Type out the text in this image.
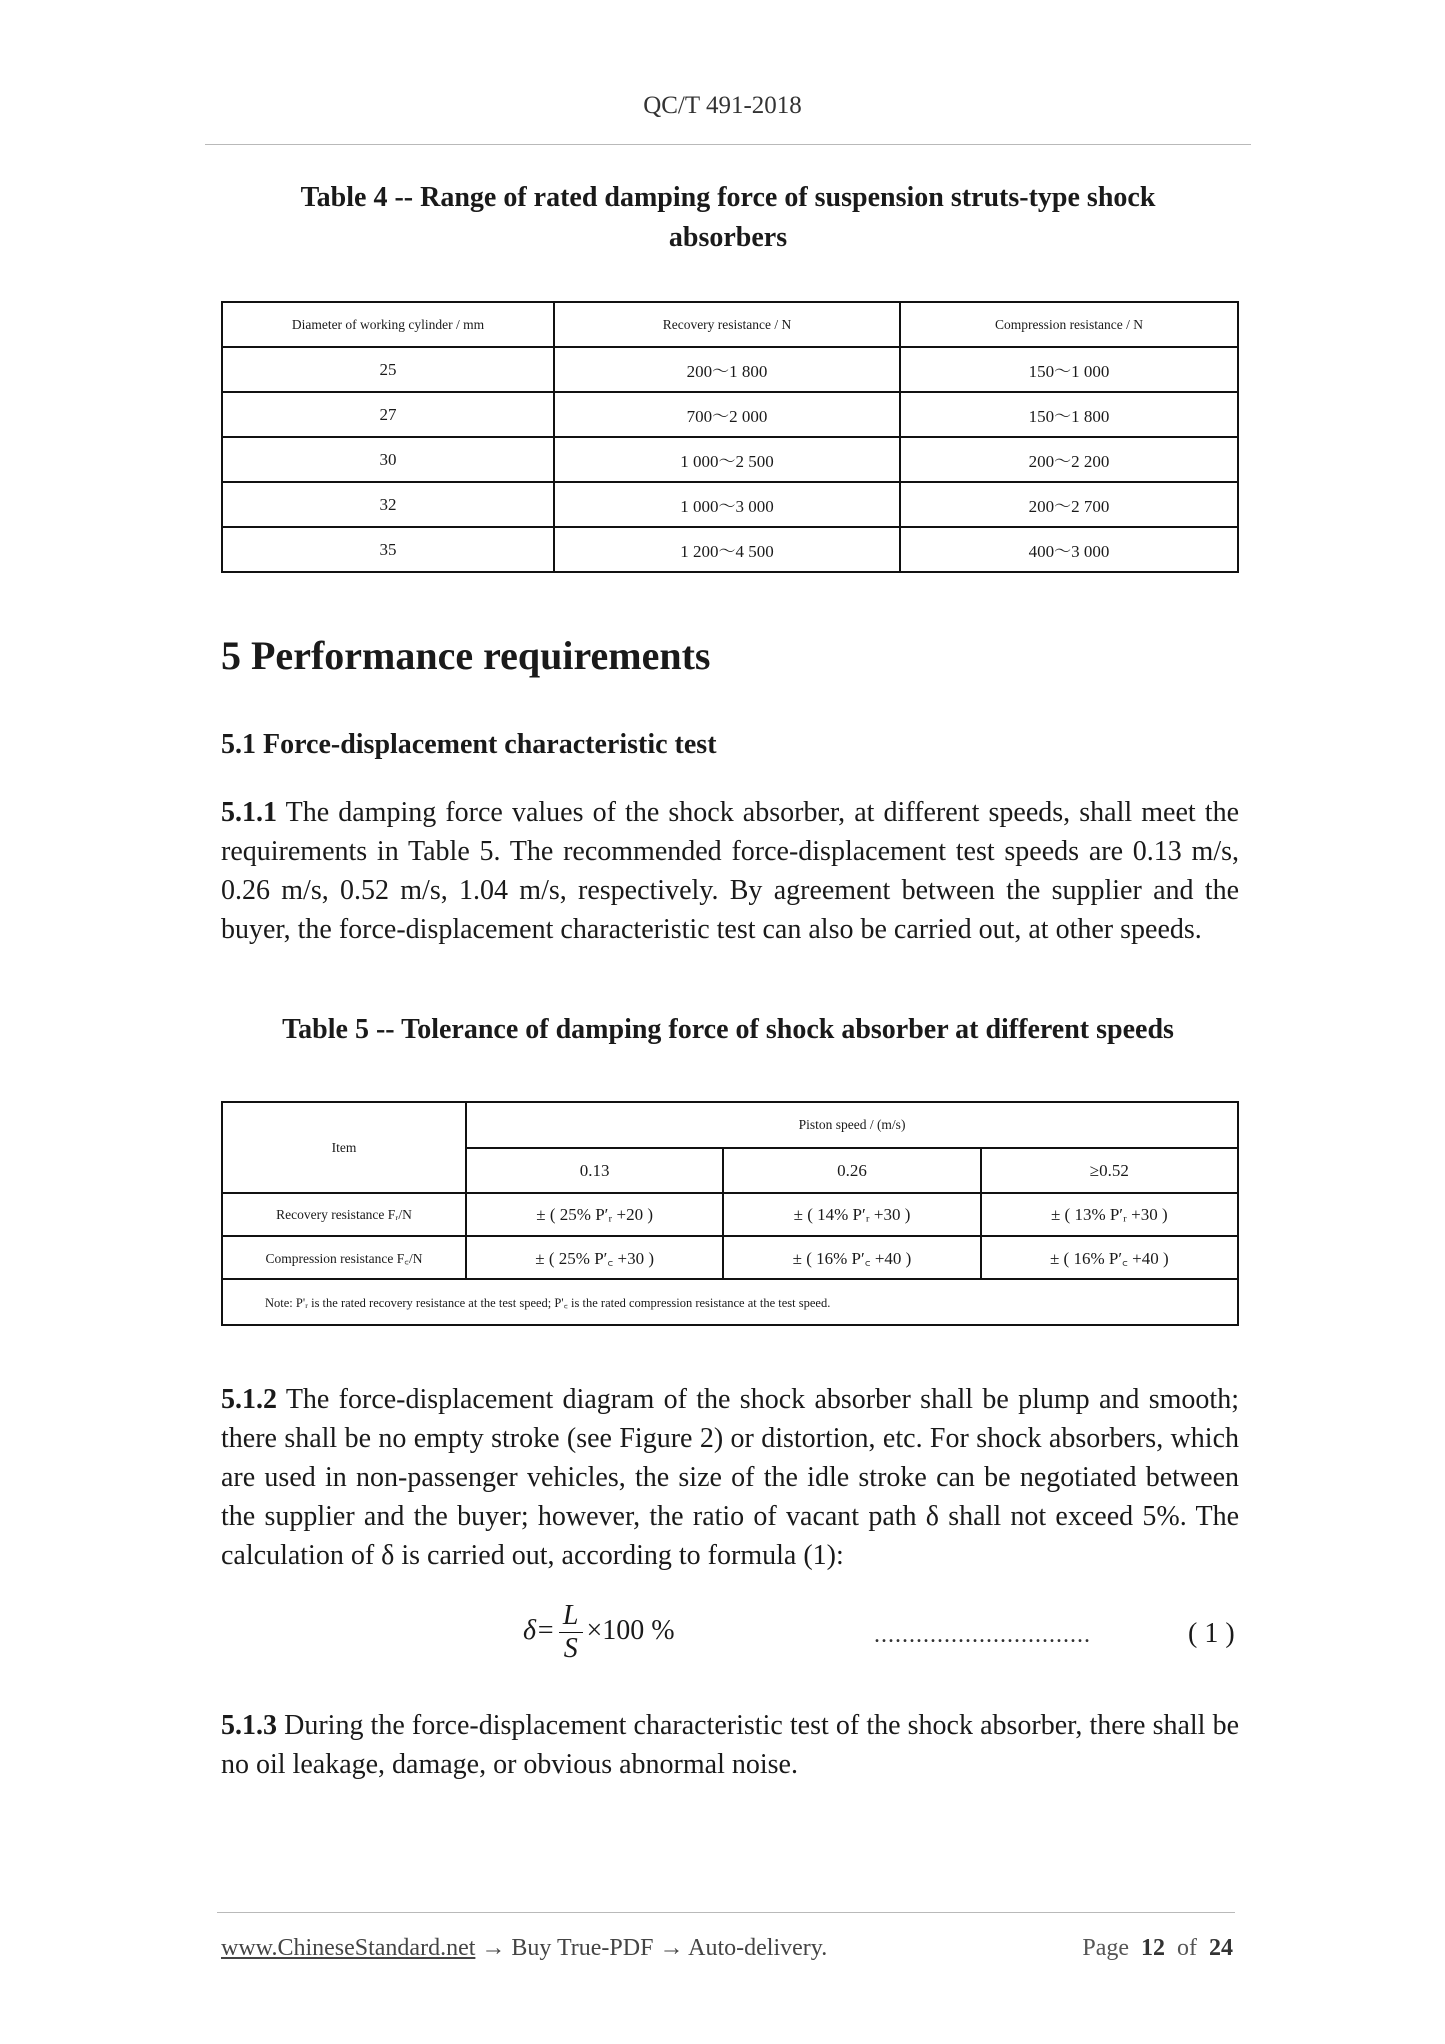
QC/T 491-2018
Table 4 -- Range of rated damping force of suspension struts-type shock
absorbers
Diameter of working cylinder / mm	Recovery resistance / N	Compression resistance / N
25	200～1 800	150～1 000
27	700～2 000	150～1 800
30	1 000～2 500	200～2 200
32	1 000～3 000	200～2 700
35	1 200～4 500	400～3 000
5 Performance requirements
5.1 Force-displacement characteristic test
5.1.1 The damping force values of the shock absorber, at different speeds, shall meet the requirements in Table 5. The recommended force-displacement test speeds are 0.13 m/s, 0.26 m/s, 0.52 m/s, 1.04 m/s, respectively. By agreement between the supplier and the buyer, the force-displacement characteristic test can also be carried out, at other speeds.
Table 5 -- Tolerance of damping force of shock absorber at different speeds
Item	Piston speed / (m/s)		
	0.13	0.26	≥0.52
Recovery resistance Fᵣ/N	± ( 25% P′ᵣ +20 )	± ( 14% P′ᵣ +30 )	± ( 13% P′ᵣ +30 )
Compression resistance F꜀/N	± ( 25% P′꜀ +30 )	± ( 16% P′꜀ +40 )	± ( 16% P′꜀ +40 )
Note: P'ᵣ is the rated recovery resistance at the test speed; P'꜀ is the rated compression resistance at the test speed.			
5.1.2 The force-displacement diagram of the shock absorber shall be plump and smooth; there shall be no empty stroke (see Figure 2) or distortion, etc. For shock absorbers, which are used in non-passenger vehicles, the size of the idle stroke can be negotiated between the supplier and the buyer; however, the ratio of vacant path δ shall not exceed 5%. The calculation of δ is carried out, according to formula (1):
$\delta= \frac{L}{S} \times 100$ %	...............................	( 1 )
5.1.3 During the force-displacement characteristic test of the shock absorber, there shall be no oil leakage, damage, or obvious abnormal noise.
www.ChineseStandard.net → Buy True-PDF → Auto-delivery.	Page 12 of 24
